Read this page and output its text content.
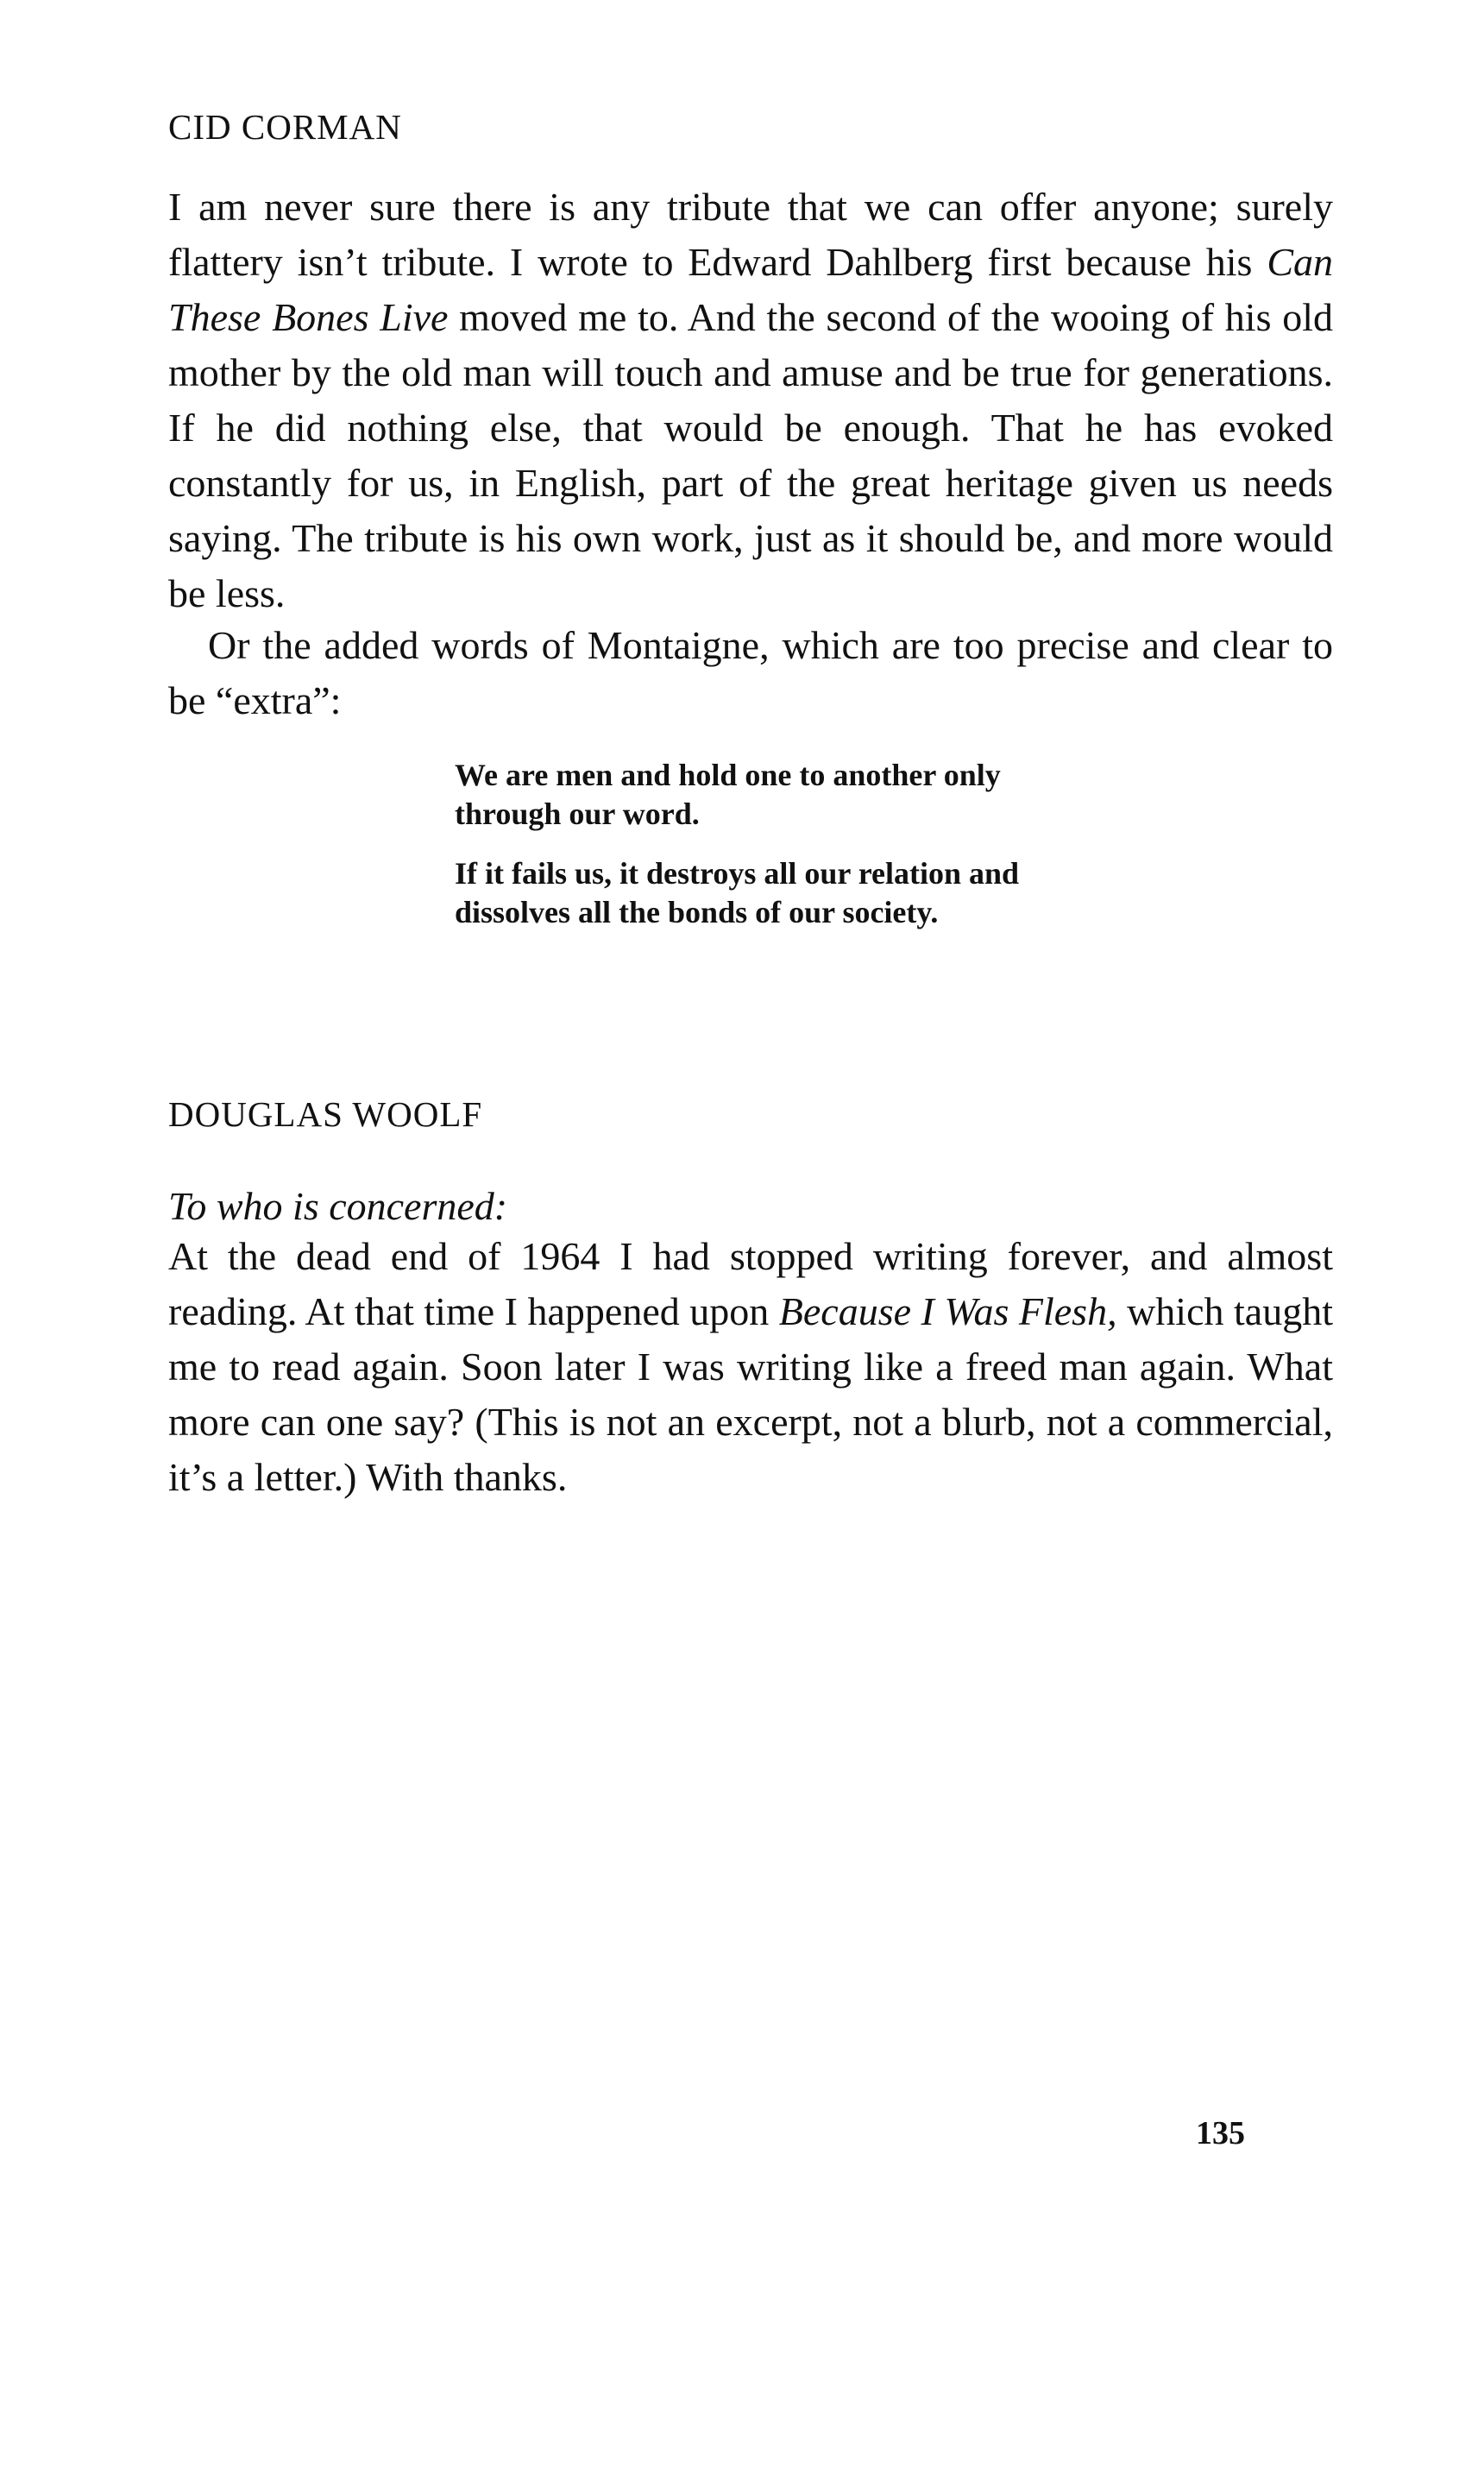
CID CORMAN

I am never sure there is any tribute that we can offer anyone; surely flattery isn’t tribute. I wrote to Edward Dahlberg first because his Can These Bones Live moved me to. And the second of the wooing of his old mother by the old man will touch and amuse and be true for generations. If he did nothing else, that would be enough. That he has evoked constantly for us, in English, part of the great heritage given us needs saying. The tribute is his own work, just as it should be, and more would be less.

Or the added words of Montaigne, which are too precise and clear to be “extra”:

We are men and hold one to another only through our word.

If it fails us, it destroys all our relation and dissolves all the bonds of our society.

DOUGLAS WOOLF

To who is concerned:

At the dead end of 1964 I had stopped writing forever, and almost reading. At that time I happened upon Because I Was Flesh, which taught me to read again. Soon later I was writing like a freed man again. What more can one say? (This is not an excerpt, not a blurb, not a commercial, it’s a letter.) With thanks.

135
